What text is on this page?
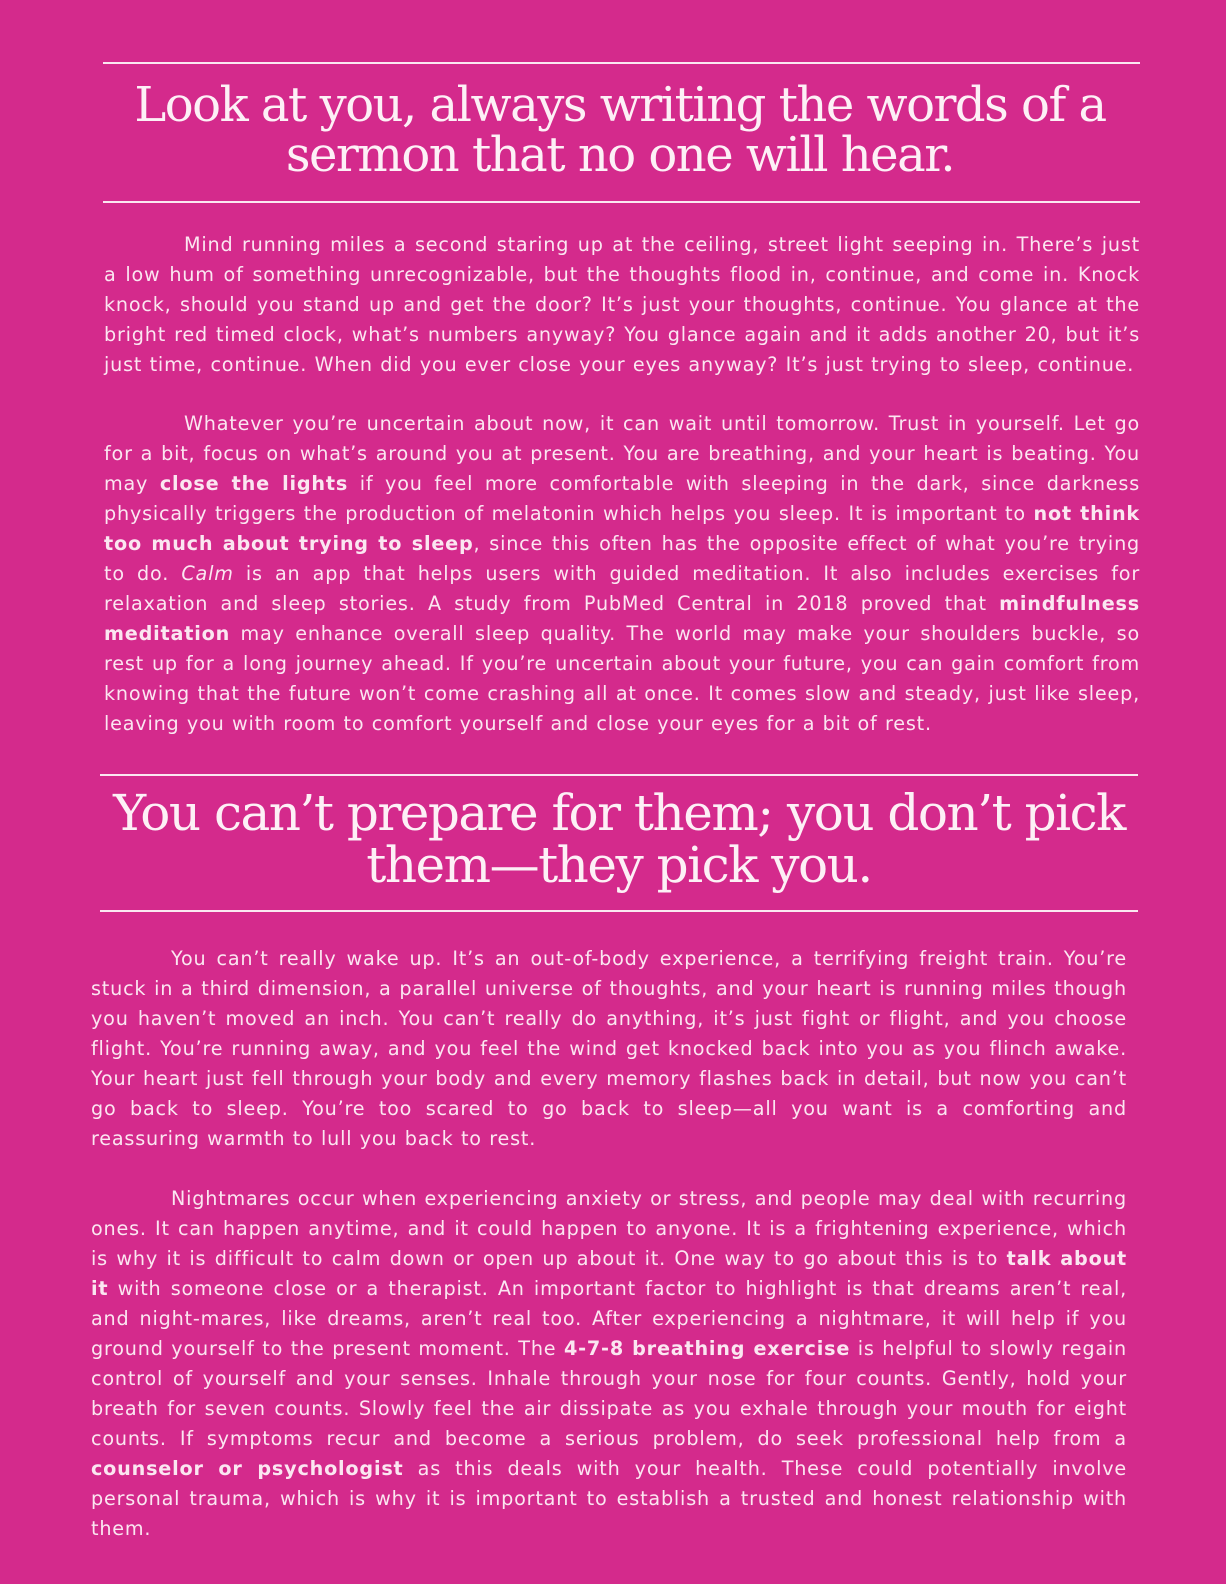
Look at you, always writing the words of a sermon that no one will hear.

Mind running miles a second staring up at the ceiling, street light seeping in. There’s just a low hum of something unrecognizable, but the thoughts flood in, continue, and come in. Knock knock, should you stand up and get the door? It’s just your thoughts, continue. You glance at the bright red timed clock, what’s numbers anyway? You glance again and it adds another 20, but it’s just time, continue. When did you ever close your eyes anyway? It’s just trying to sleep, continue.

Whatever you’re uncertain about now, it can wait until tomorrow. Trust in yourself. Let go for a bit, focus on what’s around you at present. You are breathing, and your heart is beating. You may close the lights if you feel more comfortable with sleeping in the dark, since darkness physically triggers the production of melatonin which helps you sleep. It is important to not think too much about trying to sleep, since this often has the opposite effect of what you’re trying to do. Calm is an app that helps users with guided meditation. It also includes exercises for relaxation and sleep stories. A study from PubMed Central in 2018 proved that mindfulness meditation may enhance overall sleep quality. The world may make your shoulders buckle, so rest up for a long journey ahead. If you’re uncertain about your future, you can gain comfort from knowing that the future won’t come crashing all at once. It comes slow and steady, just like sleep, leaving you with room to comfort yourself and close your eyes for a bit of rest.

You can’t prepare for them; you don’t pick them—they pick you.

You can’t really wake up. It’s an out-of-body experience, a terrifying freight train. You’re stuck in a third dimension, a parallel universe of thoughts, and your heart is running miles though you haven’t moved an inch. You can’t really do anything, it’s just fight or flight, and you choose flight. You’re running away, and you feel the wind get knocked back into you as you flinch awake. Your heart just fell through your body and every memory flashes back in detail, but now you can’t go back to sleep. You’re too scared to go back to sleep—all you want is a comforting and reassuring warmth to lull you back to rest.

Nightmares occur when experiencing anxiety or stress, and people may deal with recurring ones. It can happen anytime, and it could happen to anyone. It is a frightening experience, which is why it is difficult to calm down or open up about it. One way to go about this is to talk about it with someone close or a therapist. An important factor to highlight is that dreams aren’t real, and night-mares, like dreams, aren’t real too. After experiencing a nightmare, it will help if you ground yourself to the present moment. The 4-7-8 breathing exercise is helpful to slowly regain control of yourself and your senses. Inhale through your nose for four counts. Gently, hold your breath for seven counts. Slowly feel the air dissipate as you exhale through your mouth for eight counts. If symptoms recur and become a serious problem, do seek professional help from a counselor or psychologist as this deals with your health. These could potentially involve personal trauma, which is why it is important to establish a trusted and honest relationship with them.
